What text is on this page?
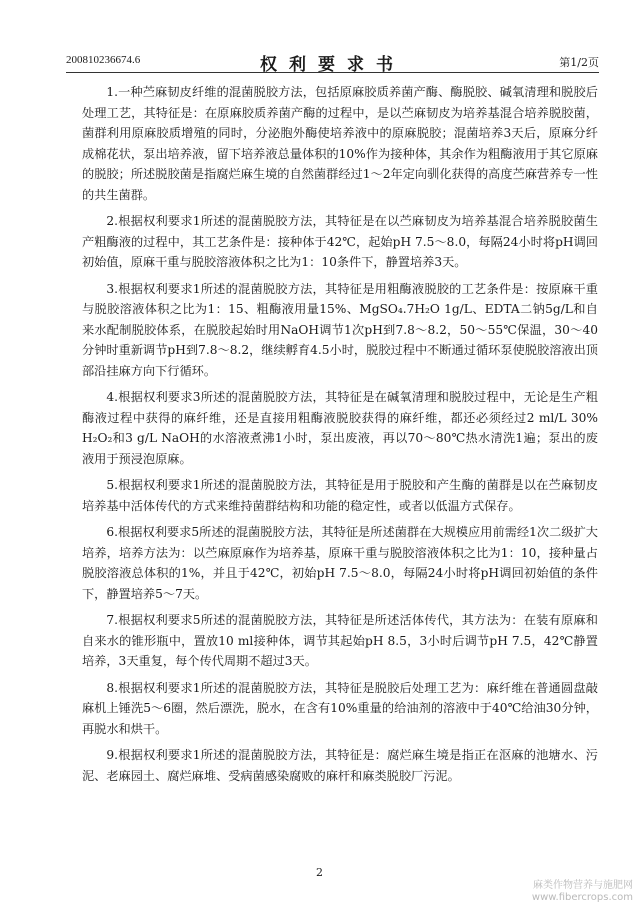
200810236674.6	权利要求书	第1/2页

1.一种苎麻韧皮纤维的混菌脱胶方法，包括原麻胶质养菌产酶、酶脱胶、碱氧清理和脱胶后处理工艺，其特征是：在原麻胶质养菌产酶的过程中，是以苎麻韧皮为培养基混合培养脱胶菌，菌群利用原麻胶质增殖的同时，分泌胞外酶使培养液中的原麻脱胶；混菌培养3天后，原麻分纤成棉花状，泵出培养液，留下培养液总量体积的10%作为接种体，其余作为粗酶液用于其它原麻的脱胶；所述脱胶菌是指腐烂麻生境的自然菌群经过1～2年定向驯化获得的高度苎麻营养专一性的共生菌群。

2.根据权利要求1所述的混菌脱胶方法，其特征是在以苎麻韧皮为培养基混合培养脱胶菌生产粗酶液的过程中，其工艺条件是：接种体于42℃，起始pH 7.5～8.0，每隔24小时将pH调回初始值，原麻干重与脱胶溶液体积之比为1：10条件下，静置培养3天。

3.根据权利要求1所述的混菌脱胶方法，其特征是用粗酶液脱胶的工艺条件是：按原麻干重与脱胶溶液体积之比为1：15、粗酶液用量15%、MgSO₄.7H₂O 1g/L、EDTA二钠5g/L和自来水配制脱胶体系，在脱胶起始时用NaOH调节1次pH到7.8～8.2，50～55℃保温，30～40分钟时重新调节pH到7.8～8.2，继续孵育4.5小时，脱胶过程中不断通过循环泵使脱胶溶液出顶部沿挂麻方向下行循环。

4.根据权利要求3所述的混菌脱胶方法，其特征是在碱氧清理和脱胶过程中，无论是生产粗酶液过程中获得的麻纤维，还是直接用粗酶液脱胶获得的麻纤维，都还必须经过2 ml/L 30% H₂O₂和3 g/L NaOH的水溶液煮沸1小时，泵出废液，再以70～80℃热水清洗1遍；泵出的废液用于预浸泡原麻。

5.根据权利要求1所述的混菌脱胶方法，其特征是用于脱胶和产生酶的菌群是以在苎麻韧皮培养基中活体传代的方式来维持菌群结构和功能的稳定性，或者以低温方式保存。

6.根据权利要求5所述的混菌脱胶方法，其特征是所述菌群在大规模应用前需经1次二级扩大培养，培养方法为：以苎麻原麻作为培养基，原麻干重与脱胶溶液体积之比为1：10，接种量占脱胶溶液总体积的1%，并且于42℃，初始pH 7.5～8.0，每隔24小时将pH调回初始值的条件下，静置培养5～7天。

7.根据权利要求5所述的混菌脱胶方法，其特征是所述活体传代，其方法为：在装有原麻和自来水的锥形瓶中，置放10 ml接种体，调节其起始pH 8.5，3小时后调节pH 7.5，42℃静置培养，3天重复，每个传代周期不超过3天。

8.根据权利要求1所述的混菌脱胶方法，其特征是脱胶后处理工艺为：麻纤维在普通圆盘敲麻机上锤洗5～6圈，然后漂洗，脱水，在含有10%重量的给油剂的溶液中于40℃给油30分钟，再脱水和烘干。

9.根据权利要求1所述的混菌脱胶方法，其特征是：腐烂麻生境是指正在沤麻的池塘水、污泥、老麻园土、腐烂麻堆、受病菌感染腐败的麻杆和麻类脱胶厂污泥。

2
麻类作物营养与施肥网
www.fibercrops.com
